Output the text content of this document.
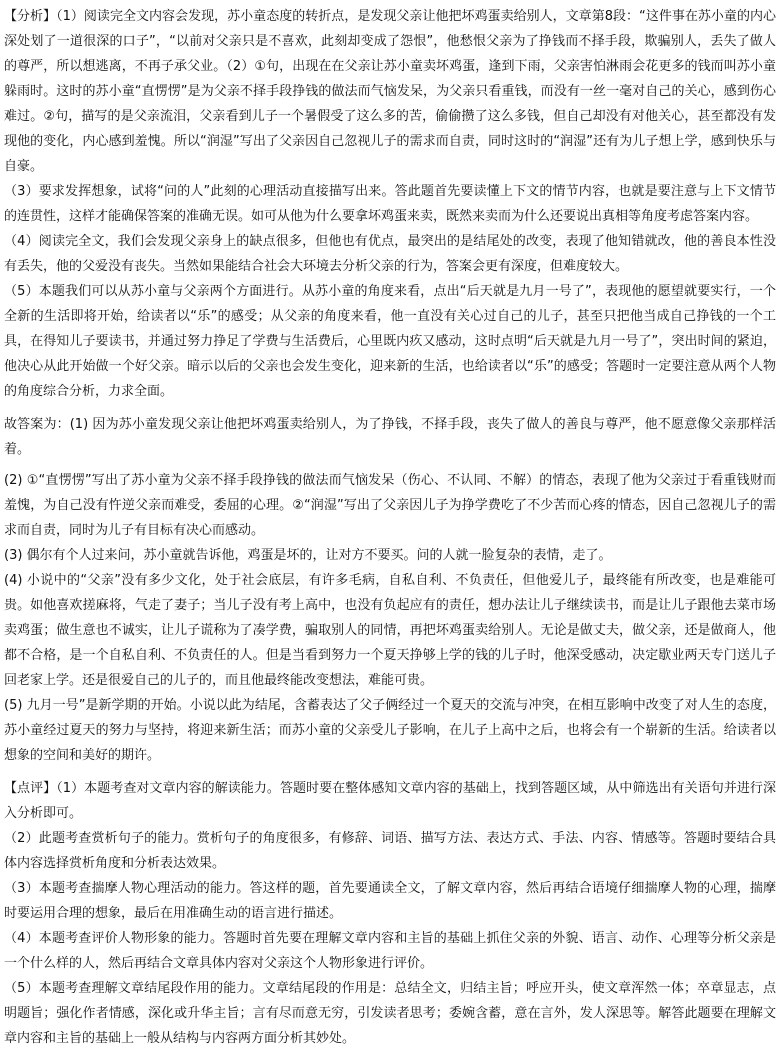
【分析】（1）阅读完全文内容会发现，苏小童态度的转折点，是发现父亲让他把坏鸡蛋卖给别人，文章第8段：“这件事在苏小童的内心深处划了一道很深的口子”，“以前对父亲只是不喜欢，此刻却变成了怨恨”，他愁恨父亲为了挣钱而不择手段，欺骗别人，丢失了做人的尊严，所以想逃离，不再子承父业。（2）①句，出现在在父亲让苏小童卖坏鸡蛋，逢到下雨，父亲害怕淋雨会花更多的钱而叫苏小童躲雨时。这时的苏小童“直愣愣”是为父亲不择手段挣钱的做法而气恼发呆，为父亲只看重钱，而没有一丝一毫对自己的关心，感到伤心难过。②句，描写的是父亲流泪，父亲看到儿子一个暑假受了这么多的苦，偷偷攒了这么多钱，但自己却没有对他关心，甚至都没有发现他的变化，内心感到羞愧。所以“润湿”写出了父亲因自己忽视儿子的需求而自责，同时这时的“润湿”还有为儿子想上学，感到快乐与自豪。

（3）要求发挥想象，试将“问的人”此刻的心理活动直接描写出来。答此题首先要读懂上下文的情节内容，也就是要注意与上下文情节的连贯性，这样才能确保答案的准确无误。如可从他为什么要拿坏鸡蛋来卖，既然来卖而为什么还要说出真相等角度考虑答案内容。

（4）阅读完全文，我们会发现父亲身上的缺点很多，但他也有优点，最突出的是结尾处的改变，表现了他知错就改，他的善良本性没有丢失，他的父爱没有丧失。当然如果能结合社会大环境去分析父亲的行为，答案会更有深度，但难度较大。

（5）本题我们可以从苏小童与父亲两个方面进行。从苏小童的角度来看，点出“后天就是九月一号了”，表现他的愿望就要实行，一个全新的生活即将开始，给读者以“乐”的感受；从父亲的角度来看，他一直没有关心过自己的儿子，甚至只把他当成自己挣钱的一个工具，在得知儿子要读书，并通过努力挣足了学费与生活费后，心里既内疚又感动，这时点明“后天就是九月一号了”，突出时间的紧迫，他决心从此开始做一个好父亲。暗示以后的父亲也会发生变化，迎来新的生活，也给读者以“乐”的感受；答题时一定要注意从两个人物的角度综合分析，力求全面。

故答案为：(1) 因为苏小童发现父亲让他把坏鸡蛋卖给别人，为了挣钱，不择手段，丧失了做人的善良与尊严，他不愿意像父亲那样活着。

(2) ①“直愣愣”写出了苏小童为父亲不择手段挣钱的做法而气恼发呆（伤心、不认同、不解）的情态，表现了他为父亲过于看重钱财而羞愧，为自己没有忤逆父亲而难受，委屈的心理。②“润湿”写出了父亲因儿子为挣学费吃了不少苦而心疼的情态，因自己忽视儿子的需求而自责，同时为儿子有目标有决心而感动。

(3) 偶尔有个人过来问，苏小童就告诉他，鸡蛋是坏的，让对方不要买。问的人就一脸复杂的表情，走了。

(4) 小说中的“父亲”没有多少文化，处于社会底层，有许多毛病，自私自利、不负责任，但他爱儿子，最终能有所改变，也是难能可贵。如他喜欢搓麻将，气走了妻子；当儿子没有考上高中，也没有负起应有的责任，想办法让儿子继续读书，而是让儿子跟他去菜市场卖鸡蛋；做生意也不诚实，让儿子谎称为了凑学费，骗取别人的同情，再把坏鸡蛋卖给别人。无论是做丈夫，做父亲，还是做商人，他都不合格，是一个自私自利、不负责任的人。但是当看到努力一个夏天挣够上学的钱的儿子时，他深受感动，决定歇业两天专门送儿子回老家上学。还是很爱自己的儿子的，而且他最终能改变想法，难能可贵。

(5) 九月一号”是新学期的开始。小说以此为结尾，含蓄表达了父子俩经过一个夏天的交流与冲突，在相互影响中改变了对人生的态度，苏小童经过夏天的努力与坚持，将迎来新生活；而苏小童的父亲受儿子影响，在儿子上高中之后，也将会有一个崭新的生活。给读者以想象的空间和美好的期许。

【点评】（1）本题考查对文章内容的解读能力。答题时要在整体感知文章内容的基础上，找到答题区域，从中筛选出有关语句并进行深入分析即可。

（2）此题考查赏析句子的能力。赏析句子的角度很多，有修辞、词语、描写方法、表达方式、手法、内容、情感等。答题时要结合具体内容选择赏析角度和分析表达效果。

（3）本题考查揣摩人物心理活动的能力。答这样的题，首先要通读全文，了解文章内容，然后再结合语境仔细揣摩人物的心理，揣摩时要运用合理的想象，最后在用准确生动的语言进行描述。

（4）本题考查评价人物形象的能力。答题时首先要在理解文章内容和主旨的基础上抓住父亲的外貌、语言、动作、心理等分析父亲是一个什么样的人，然后再结合文章具体内容对父亲这个人物形象进行评价。

（5）本题考查理解文章结尾段作用的能力。文章结尾段的作用是：总结全文，归结主旨；呼应开头，使文章浑然一体；卒章显志，点明题旨；强化作者情感，深化或升华主旨；言有尽而意无穷，引发读者思考；委婉含蓄，意在言外，发人深思等。解答此题要在理解文章内容和主旨的基础上一般从结构与内容两方面分析其妙处。
